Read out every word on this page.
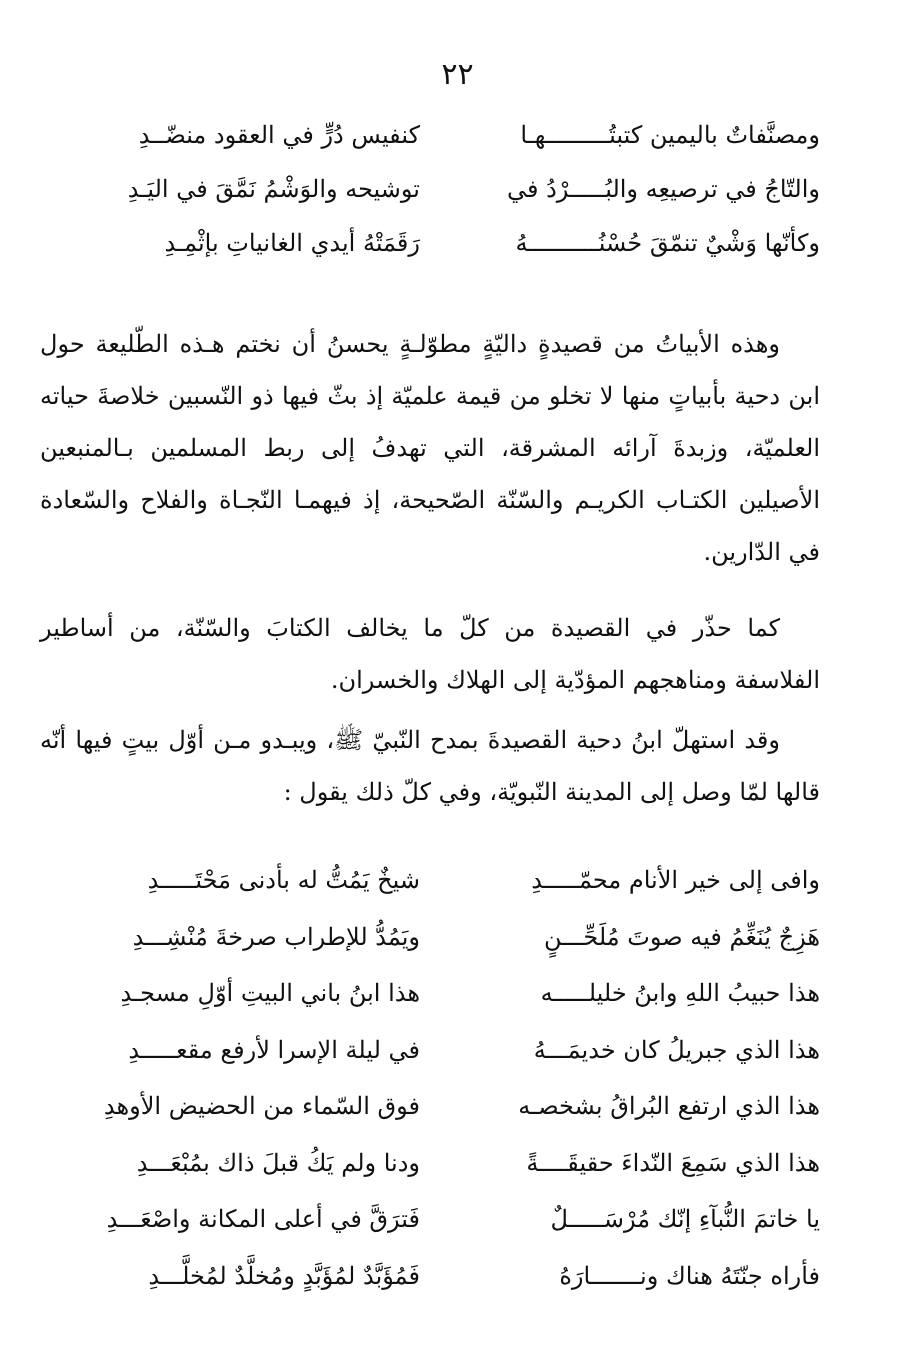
٢٢
ومصنَّفاتٌ باليمين كتبتُـــــــــهـا
كنفيس دُرٍّ في العقود منضّــدِ
والتّاجُ في ترصيعِه والبُـــــرْدُ في
توشيحه والوَشْمُ نَمَّقَ في اليَـدِ
وكأنّها وَشْيٌ تنمّقَ حُسْنُــــــــــهُ
رَقَمَتْهُ أيدي الغانياتِ بإثْمِـدِ
وهذه الأبياتُ من قصيدةٍ داليّةٍ مطوّلـةٍ يحسنُ أن نختم هـذه الطّليعة حول ابن دحية بأبياتٍ منها لا تخلو من قيمة علميّة إذ بثّ فيها ذو النّسبين خلاصةَ حياته العلميّة، وزبدةَ آرائه المشرقة، التي تهدفُ إلى ربط المسلمين بـالمنبعين الأصيلين الكتـاب الكريـم والسّنّة الصّحيحة، إذ فيهمـا النّجـاة والفلاح والسّعادة في الدّارين.
كما حذّر في القصيدة من كلّ ما يخالف الكتابَ والسّنّة، من أساطير الفلاسفة ومناهجهم المؤدّية إلى الهلاك والخسران.
وقد استهلّ ابنُ دحية القصيدةَ بمدح النّبيّ ﷺ، ويبـدو مـن أوّل بيتٍ فيها أنّه قالها لمّا وصل إلى المدينة النّبويّة، وفي كلّ ذلك يقول :
وافى إلى خير الأنام محمّـــــدِ
شيخٌ يَمُتُّ له بأدنى مَحْتَـــــدِ
هَزِجٌ يُنَغِّمُ فيه صوتَ مُلَحِّـــنٍ
ويَمُدُّ للإطراب صرخةَ مُنْشِـــدِ
هذا حبيبُ اللهِ وابنُ خليلـــــه
هذا ابنُ باني البيتِ أوّلِ مسجـدِ
هذا الذي جبريلُ كان خديمَـــهُ
في ليلة الإسرا لأرفع مقعـــــدِ
هذا الذي ارتفع البُراقُ بشخصـه
فوق السّماء من الحضيض الأوهدِ
هذا الذي سَمِعَ النّداءَ حقيقَــــةً
ودنا ولم يَكُ قبلَ ذاك بمُبْعَـــدِ
يا خاتمَ النُّبآءِ إنّك مُرْسَـــــلٌ
فَترَقَّ في أعلى المكانة واصْعَـــدِ
فأراه جنّتَهُ هناك ونـــــــارَهُ
فَمُؤَبَّدٌ لمُؤَبَّدٍ ومُخلَّدٌ لمُخلَّـــدِ
